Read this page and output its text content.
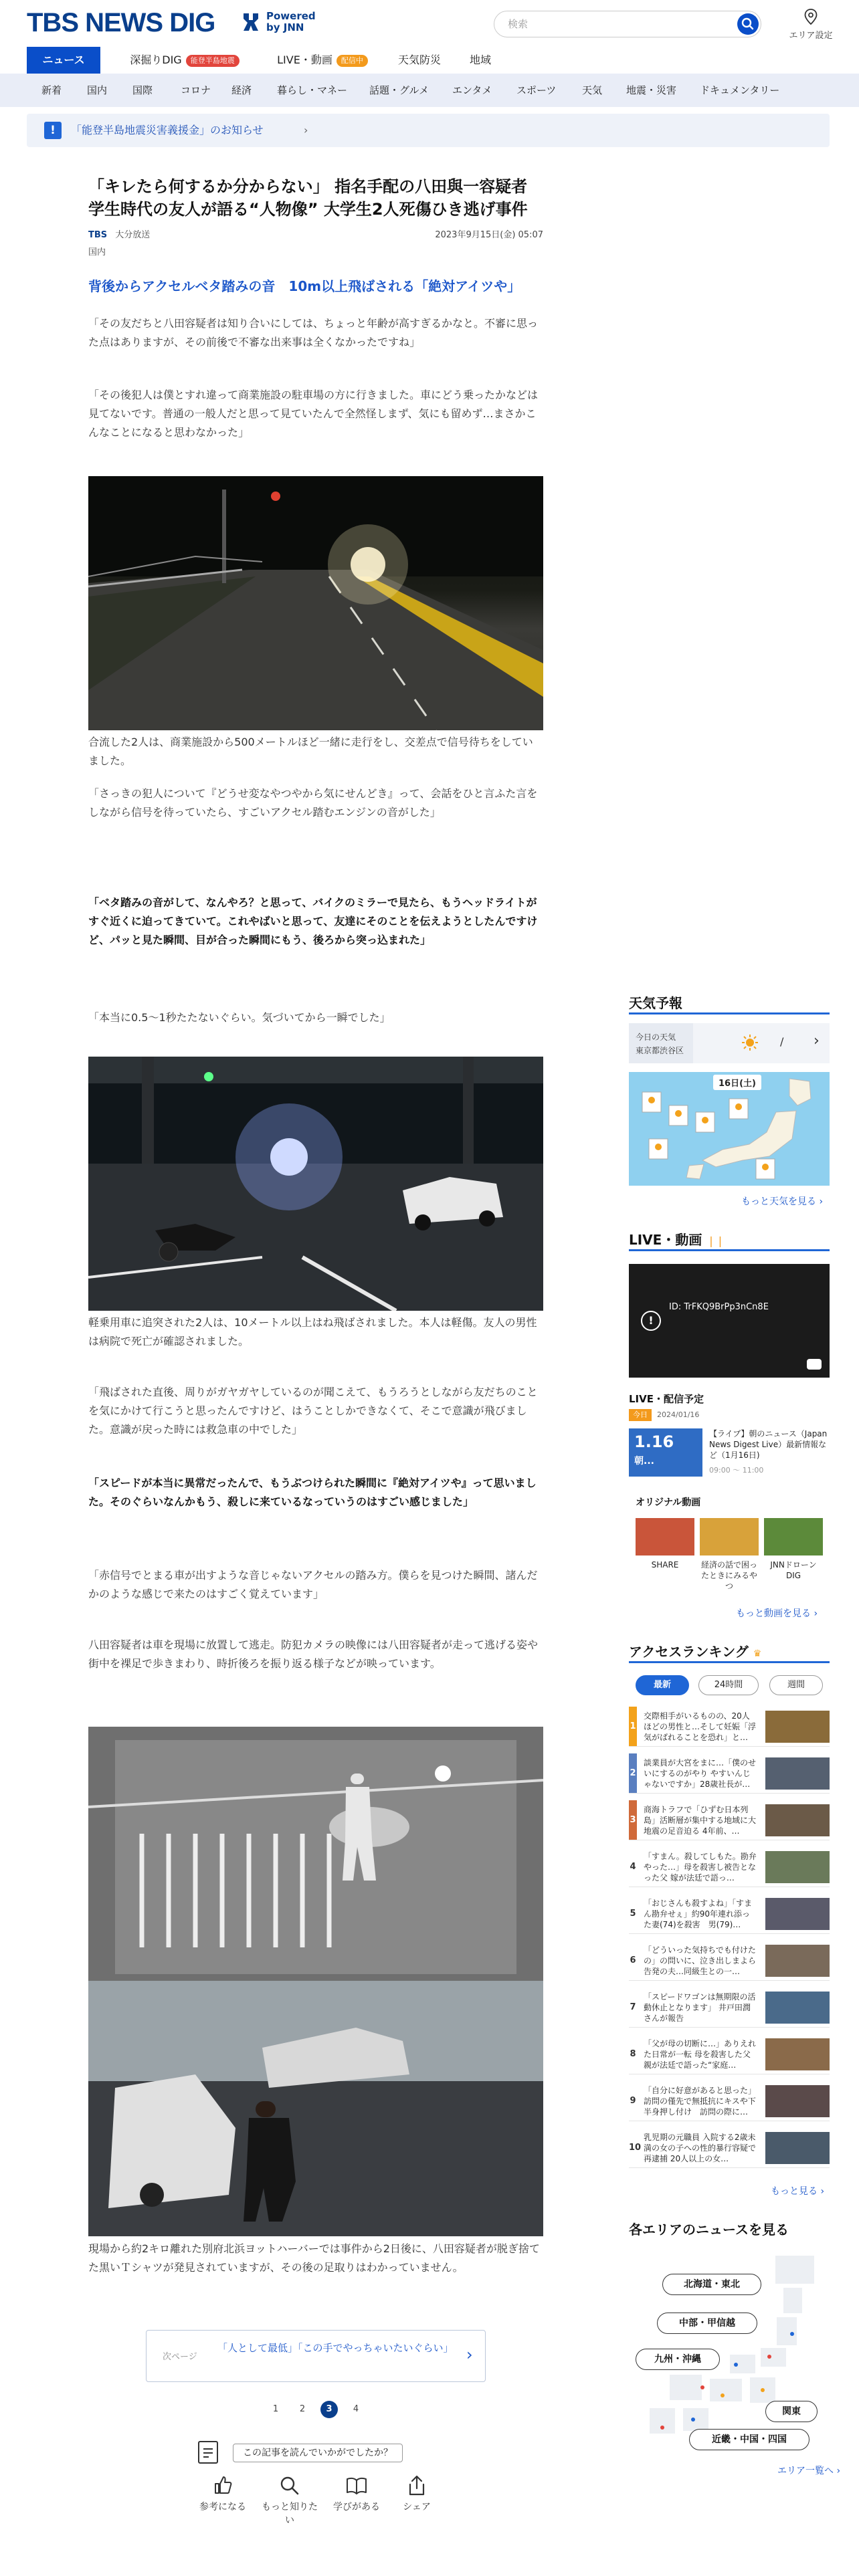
TBS NEWS DIG	Powered
by JNN
検索
エリア設定
ニュース	深掘りDIG 能登半島地震	LIVE・動画 配信中	天気防災	地域
新着	国内	国際	コロナ 経済	暮らし・マネー 話題・グルメ エンタメ スポーツ	天気 地震・災害 ドキュメンタリー
!	「能登半島地震災害義援金」のお知らせ	›
「キレたら何するか分からない」 指名手配の八田與一容疑者
学生時代の友人が語る“人物像” 大学生2人死傷ひき逃げ事件
TBS 大分放送	2023年9月15日(金) 05:07
国内
背後からアクセルベタ踏みの音　10m以上飛ばされる「絶対アイツや」

「その友だちと八田容疑者は知り合いにしては、ちょっと年齢が高すぎるかなと。不審に思った点はありますが、その前後で不審な出来事は全くなかったですね」

「その後犯人は僕とすれ違って商業施設の駐車場の方に行きました。車にどう乗ったかなどは見てないです。普通の一般人だと思って見ていたんで全然怪しまず、気にも留めず…まさかこんなことになると思わなかった」

合流した2人は、商業施設から500メートルほど一緒に走行をし、交差点で信号待ちをしていました。

「さっきの犯人について『どうせ変なやつやから気にせんどき』って、会話をひと言ふた言をしながら信号を待っていたら、すごいアクセル踏むエンジンの音がした」

「ベタ踏みの音がして、なんやろ？と思って、バイクのミラーで見たら、もうヘッドライトがすぐ近くに迫ってきていて。これやばいと思って、友達にそのことを伝えようとしたんですけど、パッと見た瞬間、目が合った瞬間にもう、後ろから突っ込まれた」

「本当に0.5〜1秒たたないぐらい。気づいてから一瞬でした」

軽乗用車に追突された2人は、10メートル以上はね飛ばされました。本人は軽傷。友人の男性は病院で死亡が確認されました。

「飛ばされた直後、周りがガヤガヤしているのが聞こえて、もうろうとしながら友だちのことを気にかけて行こうと思ったんですけど、はうことしかできなくて、そこで意識が飛びました。意識が戻った時には救急車の中でした」

「スピードが本当に異常だったんで、もうぶつけられた瞬間に『絶対アイツや』って思いました。そのぐらいなんかもう、殺しに来ているなっていうのはすごい感じました」

「赤信号でとまる車が出すような音じゃないアクセルの踏み方。僕らを見つけた瞬間、諸んだかのような感じで来たのはすごく覚えています」

八田容疑者は車を現場に放置して逃走。防犯カメラの映像には八田容疑者が走って逃げる姿や街中を裸足で歩きまわり、時折後ろを振り返る様子などが映っています。

現場から約2キロ離れた別府北浜ヨットハーバーでは事件から2日後に、八田容疑者が脱ぎ捨てた黒いＴシャツが発見されていますが、その後の足取りはわかっていません。

次ページ
「人として最低」「この手でやっちゃいたいぐらい」 ›
1	2	3	4
この記事を読んでいかがでしたか？
参考になる	もっと知りたい
学びがある	シェア
天気予報
今日の天気
東京都渋谷区
/ ›
16日(土)
もっと天気を見る ›
LIVE・動画 ❘❘
!
ID: TrFKQ9BrPp3nCn8E
LIVE・配信予定
今日	2024/01/16
1.16
朝...
【ライブ】朝のニュース（Japan News Digest Live）最新情報など（1月16日)
09:00 〜 11:00
オリジナル動画
SHARE	経済の話で困ったときにみるやつ
JNNドローンDIG
もっと動画を見る ›
アクセスランキング ♛
最新	24時間	週間
1
交際相手がいるものの、20人ほどの男性と…そして妊娠「浮気がばれることを恐れ」と…
2
談業員が大宮をまに…「僕のせいにするのがやり やすいんじゃないですか」28歳社長が…
3
商海トラフで「ひずむ日本列島」活断層が集中する地域に大地震の足音迫る 4年前、…
4
「すまん。殺してしもた。勘弁やった…」母を殺害し被告となった父 嫁が法廷で語っ…
5
「おじさんも殺すよね」「すまん勘弁せぇ」約90年連れ添った妻(74)を殺害　男(79)…
6
「どういった気持ちでも付けたの」の問いに、泣き出しまよら告発の夫…同級生との一…
7
「スピードワゴンは無期限の活動休止となります」 井戸田潤さんが報告
8
「父が母の切断に…」ありえれた日常が一転 母を殺害した父親が法廷で語った“家庭…
9
「自分に好意があると思った」訪問の僅先で無抵抗にキスや下半身押し付け　訪問の際に…
10
乳児期の元職員 入院する2歳未満の女の子への性的暴行容疑で再逮捕 20人以上の女…
もっと見る ›
各エリアのニュースを見る
北海道・東北
中部・甲信越
九州・沖縄
関東
近畿・中国・四国
エリア一覧へ ›
